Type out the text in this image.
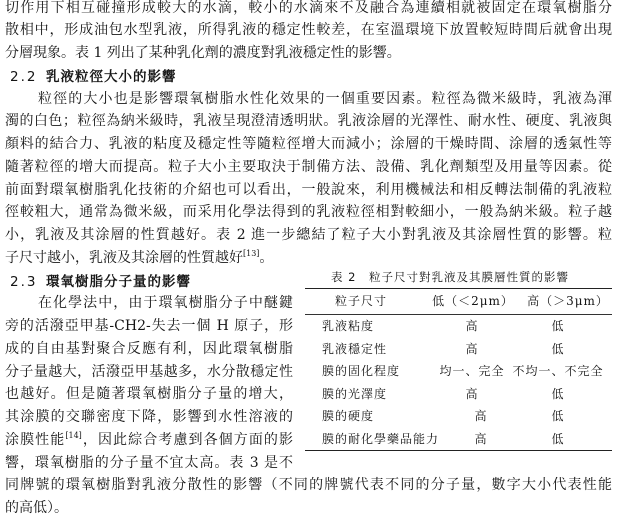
切作用下相互碰撞形成較大的水滴，較小的水滴來不及融合為連續相就被固定在環氧樹脂分
散相中，形成油包水型乳液，所得乳液的穩定性較差，在室溫環境下放置較短時間后就會出現
分層現象。表 1 列出了某种乳化劑的濃度對乳液穩定性的影響。
2.2 乳液粒徑大小的影響
粒徑的大小也是影響環氧樹脂水性化效果的一個重要因素。粒徑為微米級時，乳液為渾
濁的白色；粒徑為納米級時，乳液呈現澄清透明狀。乳液涂層的光澤性、耐水性、硬度、乳液與
顏料的結合力、乳液的粘度及穩定性等隨粒徑增大而減小；涂層的干燥時間、涂層的透氣性等
隨著粒徑的增大而提高。粒子大小主要取決于制備方法、設備、乳化劑類型及用量等因素。從
前面對環氧樹脂乳化技術的介紹也可以看出，一般說來，利用機械法和相反轉法制備的乳液粒
徑較粗大，通常為微米級，而采用化學法得到的乳液粒徑相對較細小，一般為納米級。粒子越
小，乳液及其涂層的性質越好。表 2 進一步總結了粒子大小對乳液及其涂層性質的影響。粒
子尺寸越小，乳液及其涂層的性質越好[13]。
2.3 環氧樹脂分子量的影響
在化學法中，由于環氧樹脂分子中醚鍵
旁的活潑亞甲基-CH2-失去一個 H 原子，形
成的自由基對聚合反應有利，因此環氧樹脂
分子量越大，活潑亞甲基越多，水分散穩定性
也越好。但是隨著環氧樹脂分子量的增大，
其涂膜的交聯密度下降，影響到水性溶液的
涂膜性能[14]，因此綜合考慮到各個方面的影
響，環氧樹脂的分子量不宜太高。表 3 是不
同牌號的環氧樹脂對乳液分散性的影響（不同的牌號代表不同的分子量，數字大小代表性能
的高低）。
表 2　粒子尺寸對乳液及其膜層性質的影響
粒子尺寸	低（＜2μm） 高（＞3μm）
乳液粘度	高	低
乳液穩定性	高	低
膜的固化程度	均一、完全 不均一、不完全
膜的光澤度	高	低
膜的硬度	高	低
膜的耐化學藥品能力	高	低
